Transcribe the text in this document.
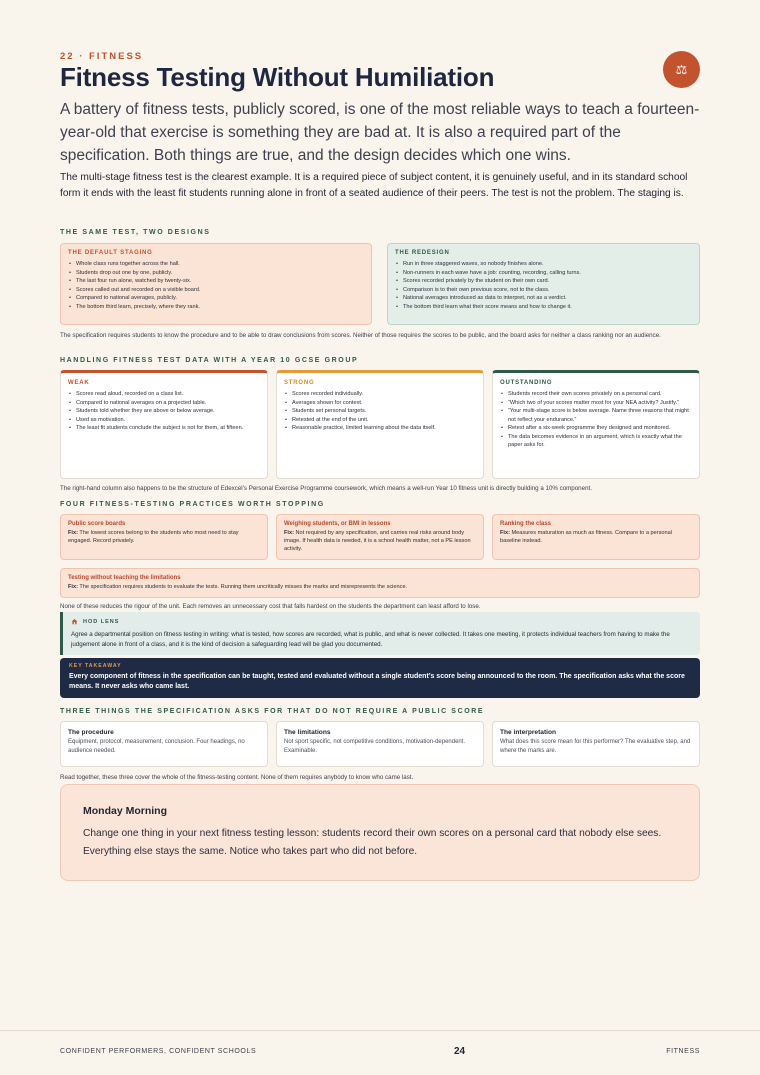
22 · FITNESS
Fitness Testing Without Humiliation	⚖

A battery of fitness tests, publicly scored, is one of the most reliable ways to teach a fourteen-year-old that exercise is something they are bad at. It is also a required part of the specification. Both things are true, and the design decides which one wins.

The multi-stage fitness test is the clearest example. It is a required piece of subject content, it is genuinely useful, and in its standard school form it ends with the least fit students running alone in front of a seated audience of their peers. The test is not the problem. The staging is.

THE SAME TEST, TWO DESIGNS

THE DEFAULT STAGING

• Whole class runs together across the hall.
• Students drop out one by one, publicly.
• The last four run alone, watched by twenty-six.
• Scores called out and recorded on a visible board.
• Compared to national averages, publicly.
• The bottom third learn, precisely, where they rank.

THE REDESIGN

• Run in three staggered waves, so nobody finishes alone.
• Non-runners in each wave have a job: counting, recording, calling turns.
• Scores recorded privately by the student on their own card.
• Comparison is to their own previous score, not to the class.
• National averages introduced as data to interpret, not as a verdict.
• The bottom third learn what their score means and how to change it.

The specification requires students to know the procedure and to be able to draw conclusions from scores. Neither of those requires the scores to be public, and the board asks for neither a class ranking nor an audience.

HANDLING FITNESS TEST DATA WITH A YEAR 10 GCSE GROUP

WEAK

• Scores read aloud, recorded on a class list.
• Compared to national averages on a projected table.
• Students told whether they are above or below average.
• Used as motivation.
• The least fit students conclude the subject is not for them, at fifteen.

STRONG

• Scores recorded individually.
• Averages shown for context.
• Students set personal targets.
• Retested at the end of the unit.
• Reasonable practice, limited learning about the data itself.

OUTSTANDING

• Students record their own scores privately on a personal card.
• “Which two of your scores matter most for your NEA activity? Justify.”
• “Your multi-stage score is below average. Name three reasons that might not reflect your endurance.”
• Retest after a six-week programme they designed and monitored.
• The data becomes evidence in an argument, which is exactly what the paper asks for.

The right-hand column also happens to be the structure of Edexcel’s Personal Exercise Programme coursework, which means a well-run Year 10 fitness unit is directly building a 10% component.

FOUR FITNESS-TESTING PRACTICES WORTH STOPPING

Public score boards

Fix: The lowest scores belong to the students who most need to stay engaged. Record privately.

Weighing students, or BMI in lessons

Fix: Not required by any specification, and carries real risks around body image. If health data is needed, it is a school health matter, not a PE lesson activity.

Ranking the class

Fix: Measures maturation as much as fitness. Compare to a personal baseline instead.

Testing without teaching the limitations

Fix: The specification requires students to evaluate the tests. Running them uncritically misses the marks and misrepresents the science.

None of these reduces the rigour of the unit. Each removes an unnecessary cost that falls hardest on the students the department can least afford to lose.

HOD LENS

Agree a departmental position on fitness testing in writing: what is tested, how scores are recorded, what is public, and what is never collected. It takes one meeting, it protects individual teachers from having to make the judgement alone in front of a class, and it is the kind of decision a safeguarding lead will be glad you documented.

KEY TAKEAWAY

Every component of fitness in the specification can be taught, tested and evaluated without a single student’s score being announced to the room. The specification asks what the score means. It never asks who came last.

THREE THINGS THE SPECIFICATION ASKS FOR THAT DO NOT REQUIRE A PUBLIC SCORE

The procedure

Equipment, protocol, measurement, conclusion. Four headings, no audience needed.

The limitations

Not sport specific, not competitive conditions, motivation-dependent. Examinable.

The interpretation

What does this score mean for this performer? The evaluative step, and where the marks are.

Read together, these three cover the whole of the fitness-testing content. None of them requires anybody to know who came last.

Monday Morning

Change one thing in your next fitness testing lesson: students record their own scores on a personal card that nobody else sees. Everything else stays the same. Notice who takes part who did not before.

CONFIDENT PERFORMERS, CONFIDENT SCHOOLS	24	FITNESS
